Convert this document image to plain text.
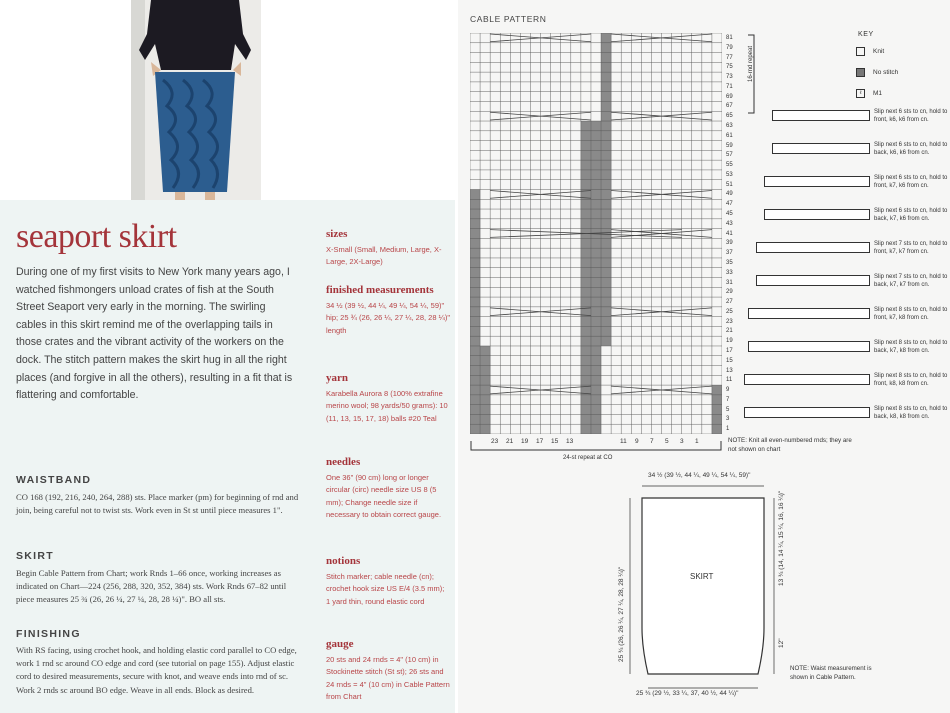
seaport skirt
During one of my first visits to New York many years ago, I watched fishmongers unload crates of fish at the South Street Seaport very early in the morning. The swirling cables in this skirt remind me of the overlapping tails in those crates and the vibrant activity of the workers on the dock. The stitch pattern makes the skirt hug in all the right places (and forgive in all the others), resulting in a fit that is flattering and comfortable.
WAISTBAND
CO 168 (192, 216, 240, 264, 288) sts. Place marker (pm) for beginning of rnd and join, being careful not to twist sts. Work even in St st until piece measures 1".
SKIRT
Begin Cable Pattern from Chart; work Rnds 1–66 once, working increases as indicated on Chart—224 (256, 288, 320, 352, 384) sts. Work Rnds 67–82 until piece measures 25 ¾ (26, 26 ¼, 27 ¼, 28, 28 ¼)". BO all sts.
FINISHING
With RS facing, using crochet hook, and holding elastic cord parallel to CO edge, work 1 rnd sc around CO edge and cord (see tutorial on page 155). Adjust elastic cord to desired measurements, secure with knot, and weave ends into rnd of sc. Work 2 rnds sc around BO edge. Weave in all ends. Block as desired.
sizes
X-Small (Small, Medium, Large, X-Large, 2X-Large)
finished measurements
34 ½ (39 ½, 44 ¼, 49 ¼, 54 ¼, 59)" hip; 25 ¾ (26, 26 ¼, 27 ¼, 28, 28 ¼)" length
yarn
Karabella Aurora 8 (100% extrafine merino wool; 98 yards/50 grams): 10 (11, 13, 15, 17, 18) balls #20 Teal
needles
One 36" (90 cm) long or longer circular (circ) needle size US 8 (5 mm); Change needle size if necessary to obtain correct gauge.
notions
Stitch marker; cable needle (cn); crochet hook size US E/4 (3.5 mm); 1 yard thin, round elastic cord
gauge
20 sts and 24 rnds = 4" (10 cm) in Stockinette stitch (St st); 26 sts and 24 rnds = 4" (10 cm) in Cable Pattern from Chart
CABLE PATTERN
81
79
77
75
73
71
69
67
65
63
61
59
57
55
53
51
49
47
45
43
41
39
37
35
33
31
29
27
25
23
21
19
17
15
13
11
9
7
5
3
1
23 21 19 17 15 13	11 9 7 5 3 1
16-rnd repeat
24-st repeat at CO
NOTE: Knit all even-numbered rnds; they are not shown on chart
KEY
Knit
No stitch
ℓ M1
Slip next 6 sts to cn, hold to front, k6, k6 from cn.
Slip next 6 sts to cn, hold to back, k6, k6 from cn.
Slip next 6 sts to cn, hold to front, k7, k6 from cn.
Slip next 6 sts to cn, hold to back, k7, k6 from cn.
Slip next 7 sts to cn, hold to front, k7, k7 from cn.
Slip next 7 sts to cn, hold to back, k7, k7 from cn.
Slip next 8 sts to cn, hold to front, k7, k8 from cn.
Slip next 8 sts to cn, hold to back, k7, k8 from cn.
Slip next 8 sts to cn, hold to front, k8, k8 from cn.
Slip next 8 sts to cn, hold to back, k8, k8 from cn.
34 ½ (39 ½, 44 ¼, 49 ¼, 54 ¼, 59)"
25 ¾ (29 ½, 33 ¼, 37, 40 ½, 44 ¼)"
25 ¾ (26, 26 ¼, 27 ¼, 28, 28 ¼)"
13 ¾ (14, 14 ¼, 15 ¼, 16, 16 ¼)"
12"
SKIRT
NOTE: Waist measurement is shown in Cable Pattern.
